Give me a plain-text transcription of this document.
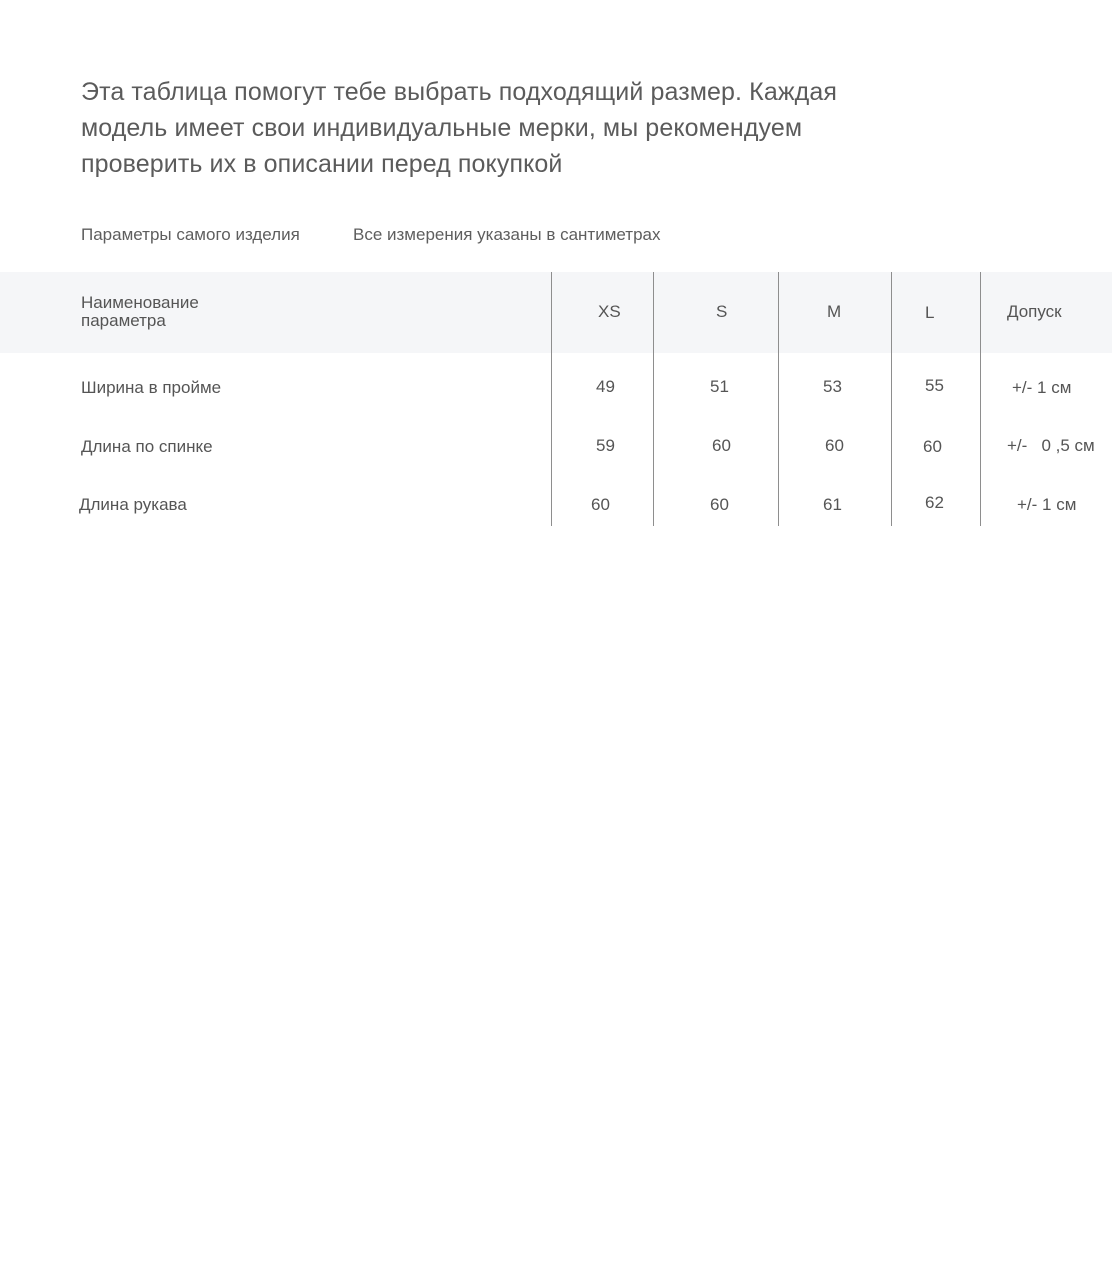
Эта таблица помогут тебе выбрать подходящий размер. Каждая модель имеет свои индивидуальные мерки, мы рекомендуем проверить их в описании перед покупкой

Параметры самого изделия	Все измерения указаны в сантиметрах
Наименование
параметра	XS	S	M	L	Допуск
Ширина в пройме	49	51	53	55	+/- 1 см
Длина по спинке	59	60	60	60	+/-   0 ,5 см
Длина рукава	60	60	61	62	+/- 1 см
